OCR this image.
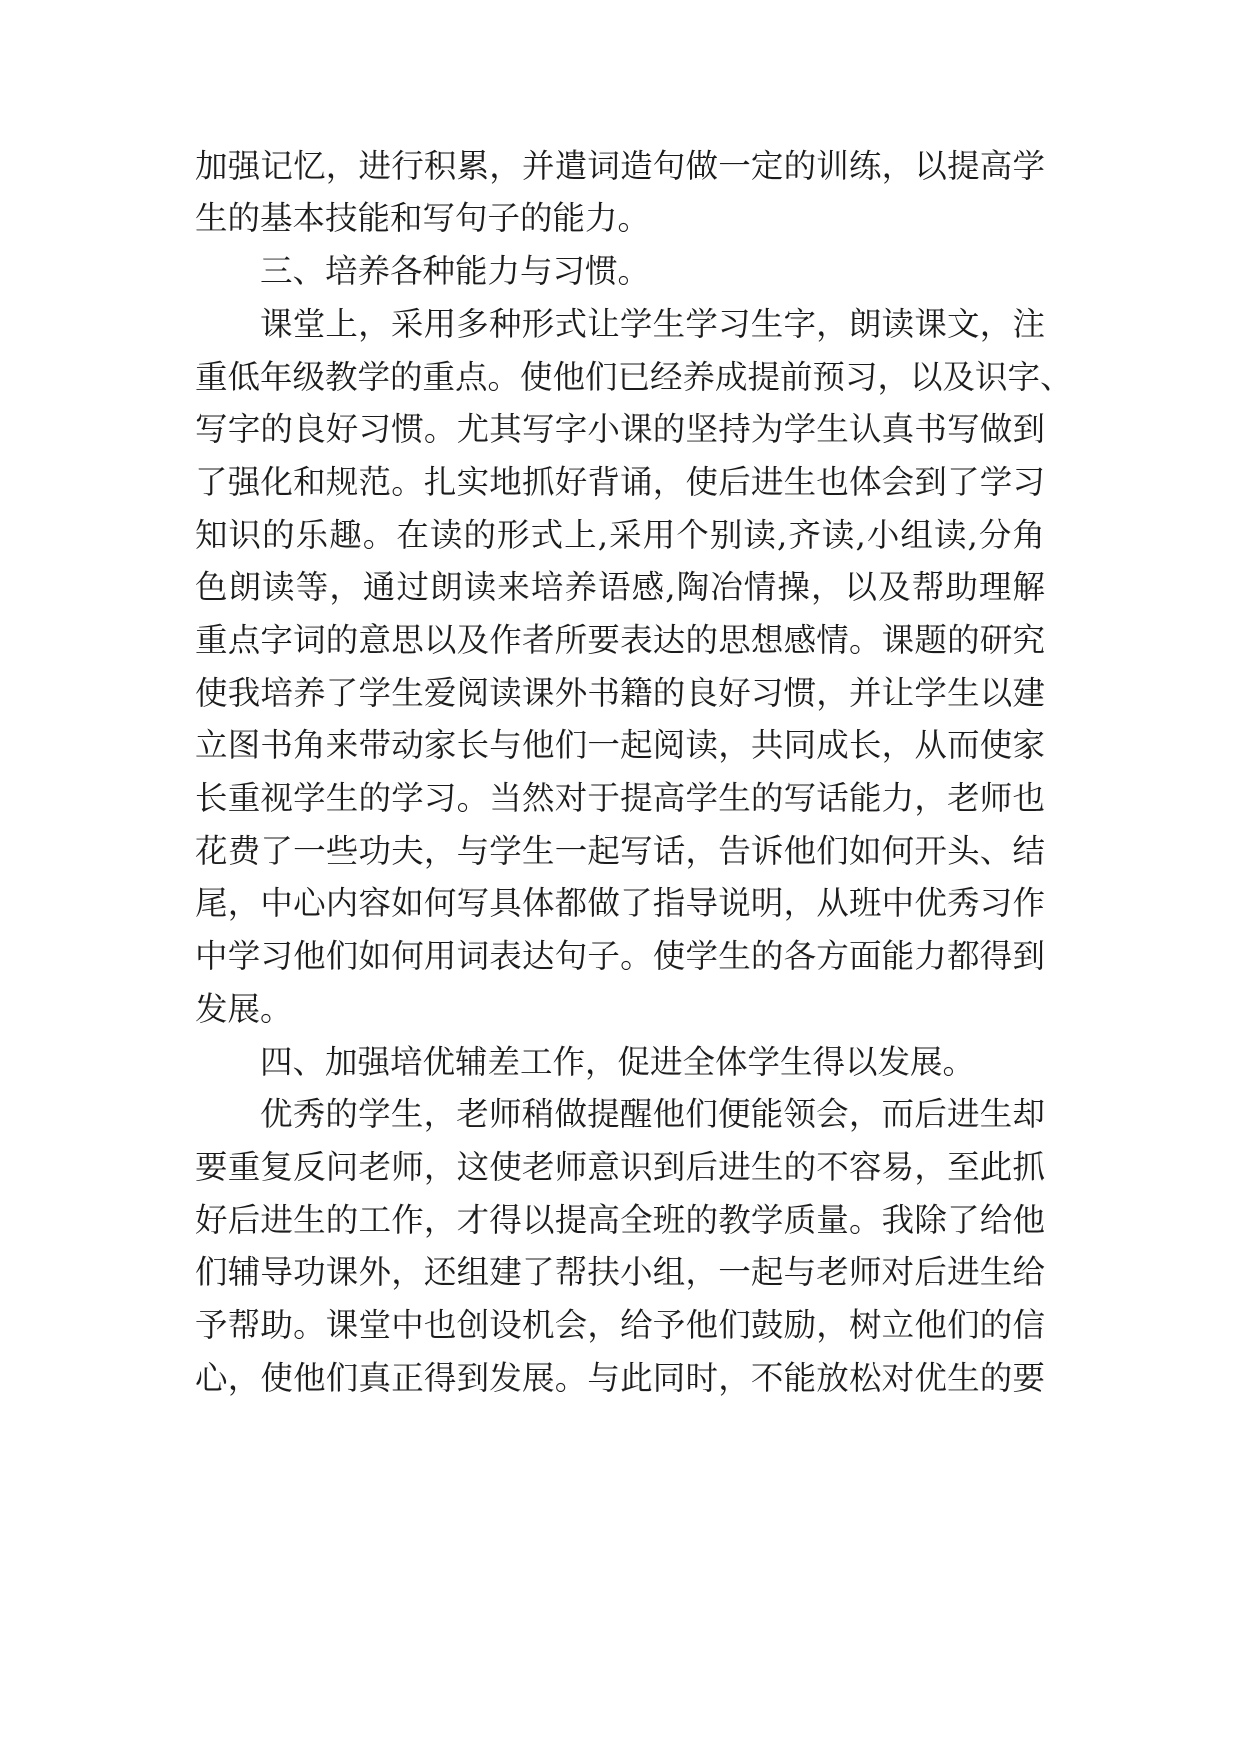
加强记忆，进行积累，并遣词造句做一定的训练，以提高学
生的基本技能和写句子的能力。
三、培养各种能力与习惯。
课堂上，采用多种形式让学生学习生字，朗读课文，注
重低年级教学的重点。使他们已经养成提前预习，以及识字、
写字的良好习惯。尤其写字小课的坚持为学生认真书写做到
了强化和规范。扎实地抓好背诵，使后进生也体会到了学习
知识的乐趣。在读的形式上,采用个别读,齐读,小组读,分角
色朗读等，通过朗读来培养语感,陶冶情操，以及帮助理解
重点字词的意思以及作者所要表达的思想感情。课题的研究
使我培养了学生爱阅读课外书籍的良好习惯，并让学生以建
立图书角来带动家长与他们一起阅读，共同成长，从而使家
长重视学生的学习。当然对于提高学生的写话能力，老师也
花费了一些功夫，与学生一起写话，告诉他们如何开头、结
尾，中心内容如何写具体都做了指导说明，从班中优秀习作
中学习他们如何用词表达句子。使学生的各方面能力都得到
发展。
四、加强培优辅差工作，促进全体学生得以发展。
优秀的学生，老师稍做提醒他们便能领会，而后进生却
要重复反问老师，这使老师意识到后进生的不容易，至此抓
好后进生的工作，才得以提高全班的教学质量。我除了给他
们辅导功课外，还组建了帮扶小组，一起与老师对后进生给
予帮助。课堂中也创设机会，给予他们鼓励，树立他们的信
心，使他们真正得到发展。与此同时，不能放松对优生的要
